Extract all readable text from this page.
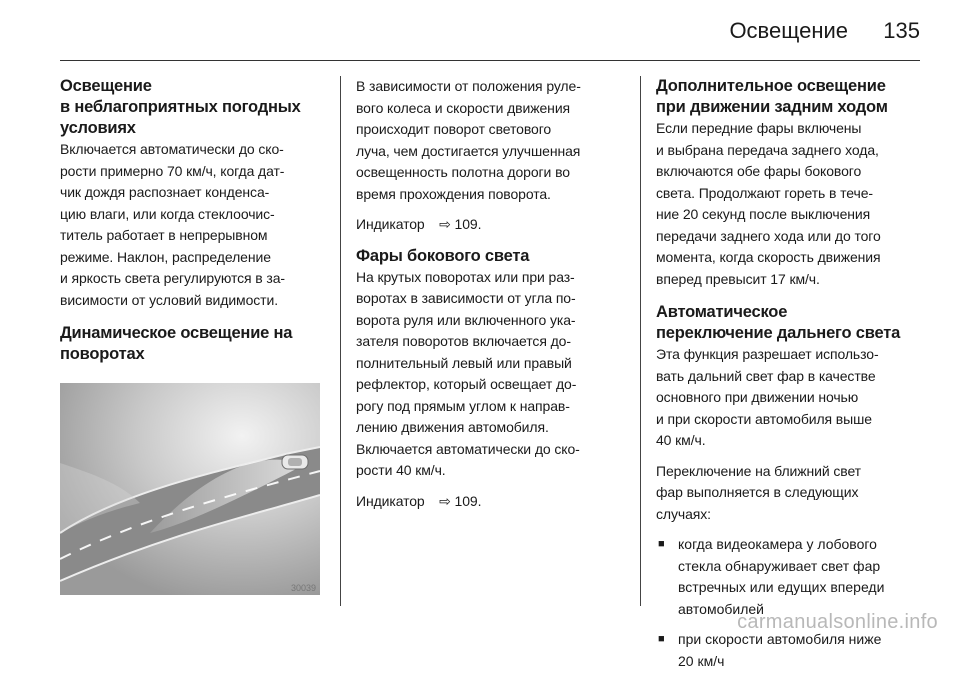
Освещение 135
Освещение
в неблагоприятных погодных
условиях

Включается автоматически до ско-
рости примерно 70 км/ч, когда дат-
чик дождя распознает конденса-
цию влаги, или когда стеклоочис-
титель работает в непрерывном
режиме. Наклон, распределение
и яркость света регулируются в за-
висимости от условий видимости.

Динамическое освещение на
поворотах
30039

В зависимости от положения руле-
вого колеса и скорости движения
происходит поворот светового
луча, чем достигается улучшенная
освещенность полотна дороги во
время прохождения поворота.

Индикатор   ⇨ 109.

Фары бокового света

На крутых поворотах или при раз-
воротах в зависимости от угла по-
ворота руля или включенного ука-
зателя поворотов включается до-
полнительный левый или правый
рефлектор, который освещает до-
рогу под прямым углом к направ-
лению движения автомобиля.
Включается автоматически до ско-
рости 40 км/ч.

Индикатор   ⇨ 109.

Дополнительное освещение
при движении задним ходом

Если передние фары включены
и выбрана передача заднего хода,
включаются обе фары бокового
света. Продолжают гореть в тече-
ние 20 секунд после выключения
передачи заднего хода или до того
момента, когда скорость движения
вперед превысит 17 км/ч.

Автоматическое
переключение дальнего света

Эта функция разрешает использо-
вать дальний свет фар в качестве
основного при движении ночью
и при скорости автомобиля выше
40 км/ч.

Переключение на ближний свет
фар выполняется в следующих
случаях:

■ когда видеокамера у лобового
стекла обнаруживает свет фар
встречных или едущих впереди
автомобилей
■ при скорости автомобиля ниже
20 км/ч
carmanualsonline.info
